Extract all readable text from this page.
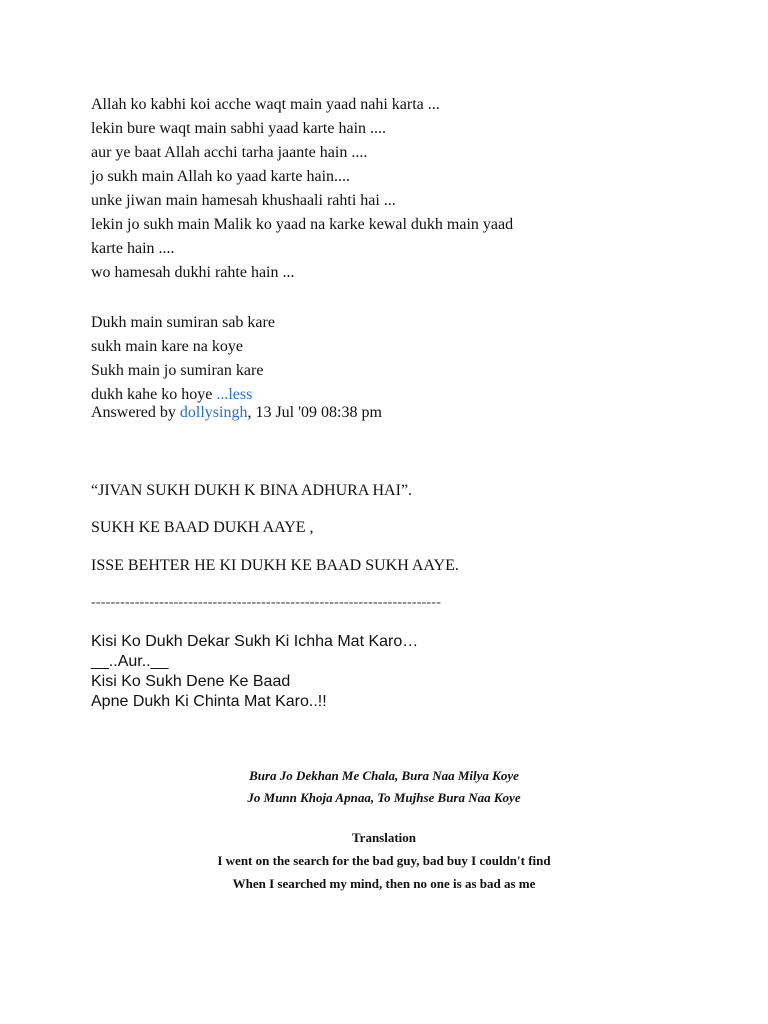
Allah ko kabhi koi acche waqt main yaad nahi karta ...
lekin bure waqt main sabhi yaad karte hain ....
aur ye baat Allah acchi tarha jaante hain ....
jo sukh main Allah ko yaad karte hain....
unke jiwan main hamesah khushaali rahti hai ...
lekin jo sukh main Malik ko yaad na karke kewal dukh main yaad
karte hain ....
wo hamesah dukhi rahte hain ...
Dukh main sumiran sab kare
sukh main kare na koye
Sukh main jo sumiran kare
dukh kahe ko hoye ...less
Answered by dollysingh, 13 Jul '09 08:38 pm
“JIVAN SUKH DUKH K BINA ADHURA HAI”.
SUKH KE BAAD DUKH AAYE ,
ISSE BEHTER HE KI DUKH KE BAAD SUKH AAYE.
------------------------------------------------------------------------
Kisi Ko Dukh Dekar Sukh Ki Ichha Mat Karo…
__..Aur..__
Kisi Ko Sukh Dene Ke Baad
Apne Dukh Ki Chinta Mat Karo..!!
Bura Jo Dekhan Me Chala, Bura Naa Milya Koye
Jo Munn Khoja Apnaa, To Mujhse Bura Naa Koye
Translation
I went on the search for the bad guy, bad buy I couldn't find
When I searched my mind, then no one is as bad as me
